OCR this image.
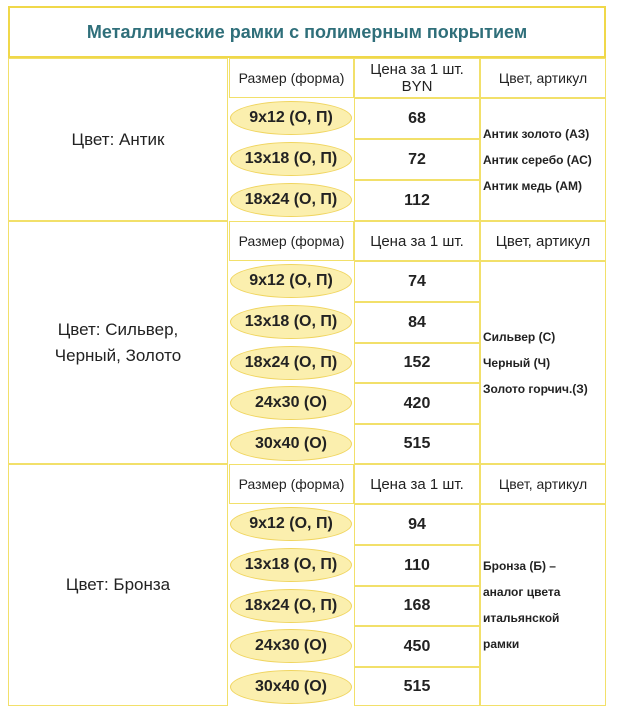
Металлические рамки с полимерным покрытием
Цвет: Антик
Размер (форма)	Цена за 1 шт. BYN	Цвет, артикул
9x12 (О, П)	68
13x18 (О, П)	72
18x24 (О, П)	112
Антик золото (АЗ)
Антик серебо (АС)
Антик медь (АМ)
Цвет: Сильвер,
Черный, Золото
Размер (форма)	Цена за 1 шт.	Цвет, артикул
9x12 (О, П)	74
13x18 (О, П)	84
18x24 (О, П)	152
24x30 (О)	420
30x40 (О)	515
Сильвер (С)
Черный (Ч)
Золото горчич.(З)
Цвет: Бронза
Размер (форма)	Цена за 1 шт.	Цвет, артикул
9x12 (О, П)	94
13x18 (О, П)	110
18x24 (О, П)	168
24x30 (О)	450
30x40 (О)	515
Бронза (Б) –
аналог цвета
итальянской
рамки
